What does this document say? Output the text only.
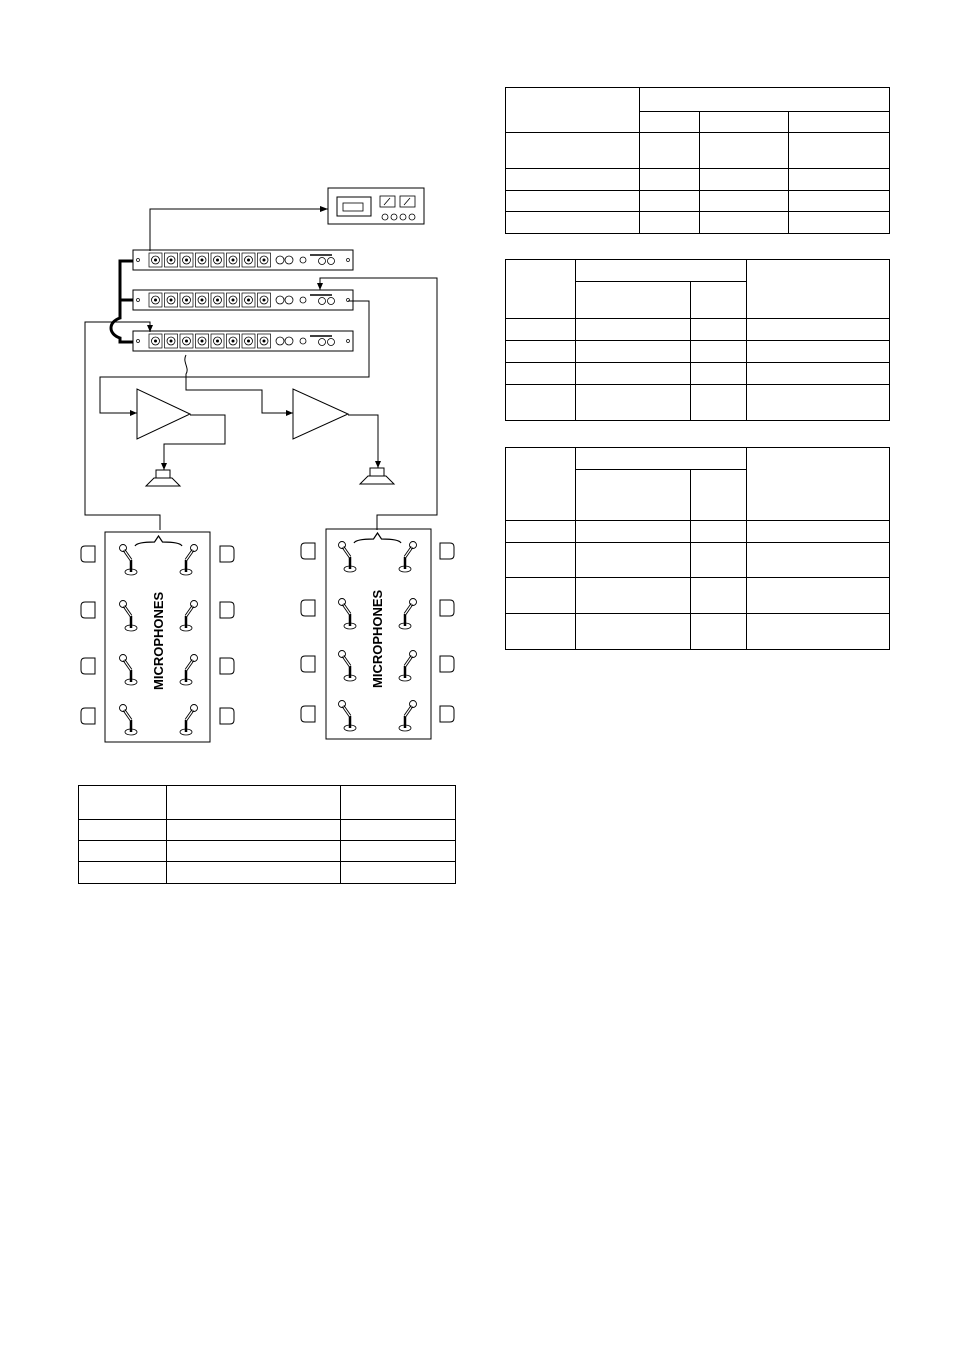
MICROPHONES	MICROPHONES
